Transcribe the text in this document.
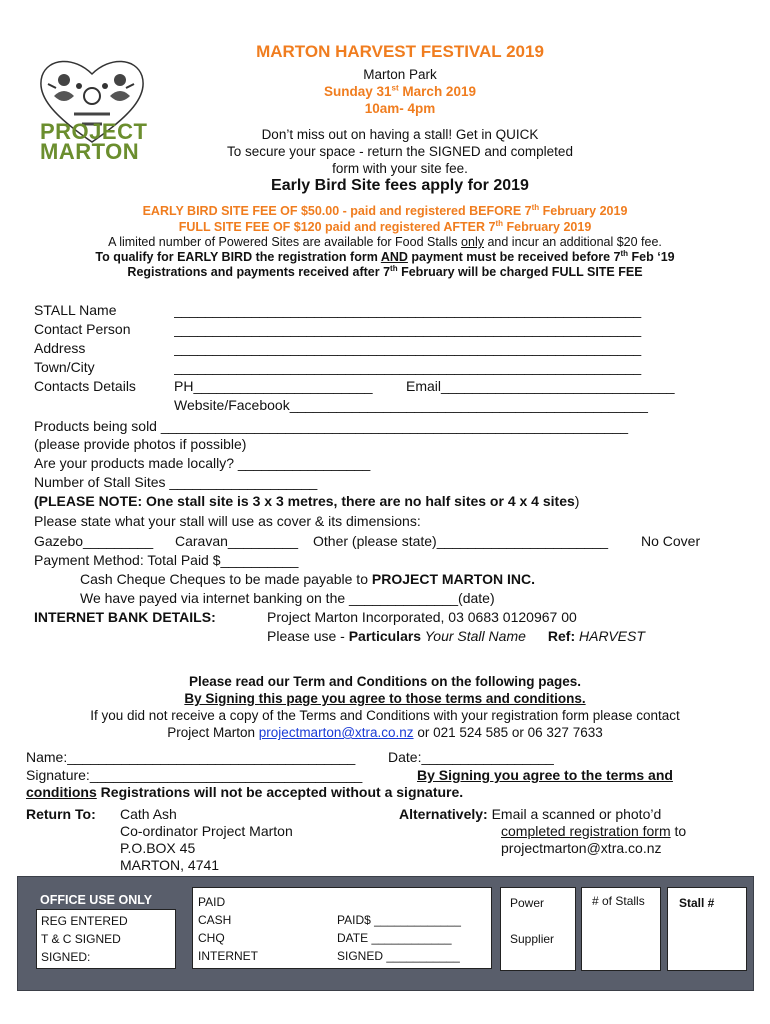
PROJECT
MARTON
MARTON HARVEST FESTIVAL 2019
Marton Park
Sunday 31st March 2019
10am- 4pm
Don’t miss out on having a stall! Get in QUICK
To secure your space - return the SIGNED and completed
form with your site fee.
Early Bird Site fees apply for 2019
EARLY BIRD SITE FEE OF $50.00 - paid and registered BEFORE 7th February 2019
FULL SITE FEE OF $120 paid and registered AFTER 7th February 2019
A limited number of Powered Sites are available for Food Stalls only and incur an additional $20 fee.
To qualify for EARLY BIRD the registration form AND payment must be received before 7th Feb ‘19
Registrations and payments received after 7th February will be charged FULL SITE FEE
STALL Name	____________________________________________________________
Contact Person	____________________________________________________________
Address	____________________________________________________________
Town/City	____________________________________________________________
Contacts Details	PH_______________________	Email______________________________
Website/Facebook______________________________________________
Products being sold ____________________________________________________________
(please provide photos if possible)
Are your products made locally? _________________
Number of Stall Sites ___________________
(PLEASE NOTE: One stall site is 3 x 3 metres, there are no half sites or 4 x 4 sites)
Please state what your stall will use as cover & its dimensions:
Gazebo_________	Caravan_________	Other (please state)______________________	No Cover
Payment Method: Total Paid $__________
Cash Cheque Cheques to be made payable to PROJECT MARTON INC.
We have payed via internet banking on the ______________(date)
INTERNET BANK DETAILS:	Project Marton Incorporated, 03 0683 0120967 00
Please use - Particulars Your Stall Name Ref: HARVEST
Please read our Term and Conditions on the following pages.
By Signing this page you agree to those terms and conditions.
If you did not receive a copy of the Terms and Conditions with your registration form please contact
Project Marton projectmarton@xtra.co.nz or 021 524 585 or 06 327 7633
Name:_____________________________________	Date:_________________
Signature:___________________________________	By Signing you agree to the terms and
conditions Registrations will not be accepted without a signature.
Return To:	Cath Ash
Co-ordinator Project Marton
P.O.BOX 45
MARTON, 4741
Alternatively: Email a scanned or photo’d
completed registration form to
projectmarton@xtra.co.nz
OFFICE USE ONLY
REG ENTERED
T & C SIGNED
SIGNED:
PAID
CASH
CHQ
INTERNET
PAID$ _____________
DATE ____________
SIGNED ___________
Power
Supplier
# of Stalls	Stall #
